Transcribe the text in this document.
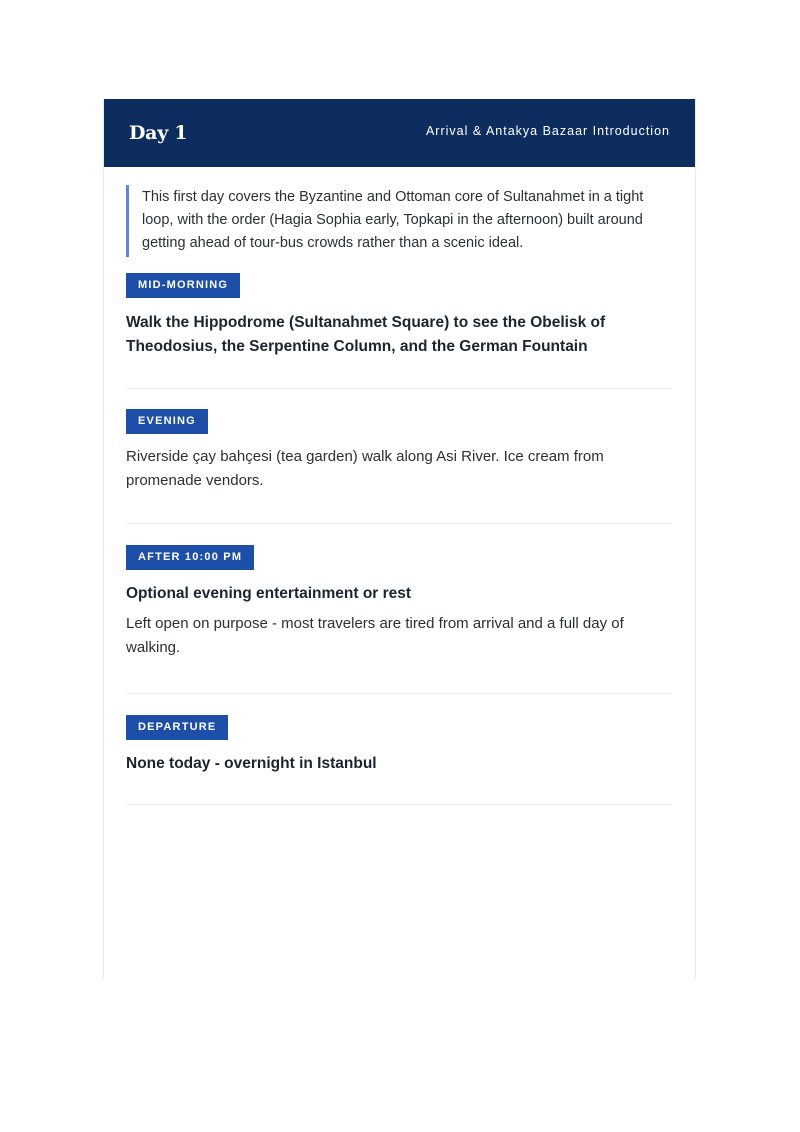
Day 1	Arrival & Antakya Bazaar Introduction
This first day covers the Byzantine and Ottoman core of Sultanahmet in a tight loop, with the order (Hagia Sophia early, Topkapi in the afternoon) built around getting ahead of tour-bus crowds rather than a scenic ideal.
MID-MORNING
Walk the Hippodrome (Sultanahmet Square) to see the Obelisk of Theodosius, the Serpentine Column, and the German Fountain
EVENING
Riverside çay bahçesi (tea garden) walk along Asi River. Ice cream from promenade vendors.
AFTER 10:00 PM
Optional evening entertainment or rest
Left open on purpose - most travelers are tired from arrival and a full day of walking.
DEPARTURE
None today - overnight in Istanbul
